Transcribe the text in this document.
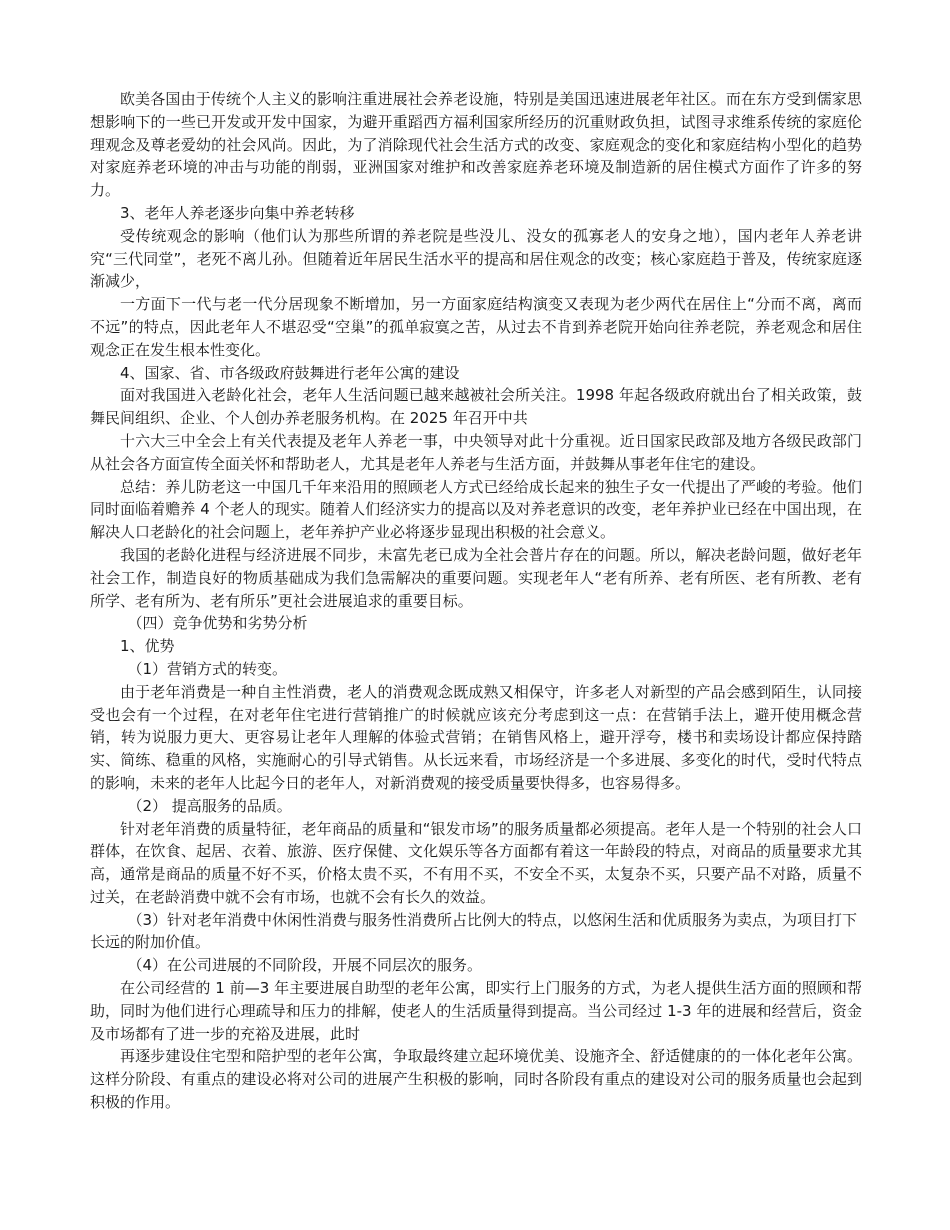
欧美各国由于传统个人主义的影响注重进展社会养老设施，特别是美国迅速进展老年社区。而在东方受到儒家思想影响下的一些已开发或开发中国家，为避开重蹈西方福利国家所经历的沉重财政负担，试图寻求维系传统的家庭伦理观念及尊老爱幼的社会风尚。因此，为了消除现代社会生活方式的改变、家庭观念的变化和家庭结构小型化的趋势对家庭养老环境的冲击与功能的削弱，亚洲国家对维护和改善家庭养老环境及制造新的居住模式方面作了许多的努力。

3、老年人养老逐步向集中养老转移

受传统观念的影响（他们认为那些所谓的养老院是些没儿、没女的孤寡老人的安身之地），国内老年人养老讲究“三代同堂”，老死不离儿孙。但随着近年居民生活水平的提高和居住观念的改变；核心家庭趋于普及，传统家庭逐渐减少，

一方面下一代与老一代分居现象不断增加，另一方面家庭结构演变又表现为老少两代在居住上“分而不离，离而不远”的特点，因此老年人不堪忍受“空巢”的孤单寂寞之苦，从过去不肯到养老院开始向往养老院，养老观念和居住观念正在发生根本性变化。

4、国家、省、市各级政府鼓舞进行老年公寓的建设

面对我国进入老龄化社会，老年人生活问题已越来越被社会所关注。1998 年起各级政府就出台了相关政策，鼓舞民间组织、企业、个人创办养老服务机构。在 2025 年召开中共

十六大三中全会上有关代表提及老年人养老一事，中央领导对此十分重视。近日国家民政部及地方各级民政部门从社会各方面宣传全面关怀和帮助老人，尤其是老年人养老与生活方面，并鼓舞从事老年住宅的建设。

总结：养儿防老这一中国几千年来沿用的照顾老人方式已经给成长起来的独生子女一代提出了严峻的考验。他们同时面临着赡养 4 个老人的现实。随着人们经济实力的提高以及对养老意识的改变，老年养护业已经在中国出现，在解决人口老龄化的社会问题上，老年养护产业必将逐步显现出积极的社会意义。

我国的老龄化进程与经济进展不同步，未富先老已成为全社会普片存在的问题。所以，解决老龄问题，做好老年社会工作，制造良好的物质基础成为我们急需解决的重要问题。实现老年人“老有所养、老有所医、老有所教、老有所学、老有所为、老有所乐”更社会进展追求的重要目标。

（四）竞争优势和劣势分析

1、优势

（1）营销方式的转变。

由于老年消费是一种自主性消费，老人的消费观念既成熟又相保守，许多老人对新型的产品会感到陌生，认同接受也会有一个过程，在对老年住宅进行营销推广的时候就应该充分考虑到这一点：在营销手法上，避开使用概念营销，转为说服力更大、更容易让老年人理解的体验式营销；在销售风格上，避开浮夸，楼书和卖场设计都应保持踏实、简练、稳重的风格，实施耐心的引导式销售。从长远来看，市场经济是一个多进展、多变化的时代，受时代特点的影响，未来的老年人比起今日的老年人，对新消费观的接受质量要快得多，也容易得多。

（2） 提高服务的品质。

针对老年消费的质量特征，老年商品的质量和“银发市场”的服务质量都必须提高。老年人是一个特别的社会人口群体，在饮食、起居、衣着、旅游、医疗保健、文化娱乐等各方面都有着这一年龄段的特点，对商品的质量要求尤其高，通常是商品的质量不好不买，价格太贵不买，不有用不买，不安全不买，太复杂不买，只要产品不对路，质量不过关，在老龄消费中就不会有市场，也就不会有长久的效益。

（3）针对老年消费中休闲性消费与服务性消费所占比例大的特点，以悠闲生活和优质服务为卖点，为项目打下长远的附加价值。

（4）在公司进展的不同阶段，开展不同层次的服务。

在公司经营的 1 前—3 年主要进展自助型的老年公寓，即实行上门服务的方式，为老人提供生活方面的照顾和帮助，同时为他们进行心理疏导和压力的排解，使老人的生活质量得到提高。当公司经过 1-3 年的进展和经营后，资金及市场都有了进一步的充裕及进展，此时

再逐步建设住宅型和陪护型的老年公寓，争取最终建立起环境优美、设施齐全、舒适健康的的一体化老年公寓。这样分阶段、有重点的建设必将对公司的进展产生积极的影响，同时各阶段有重点的建设对公司的服务质量也会起到积极的作用。
